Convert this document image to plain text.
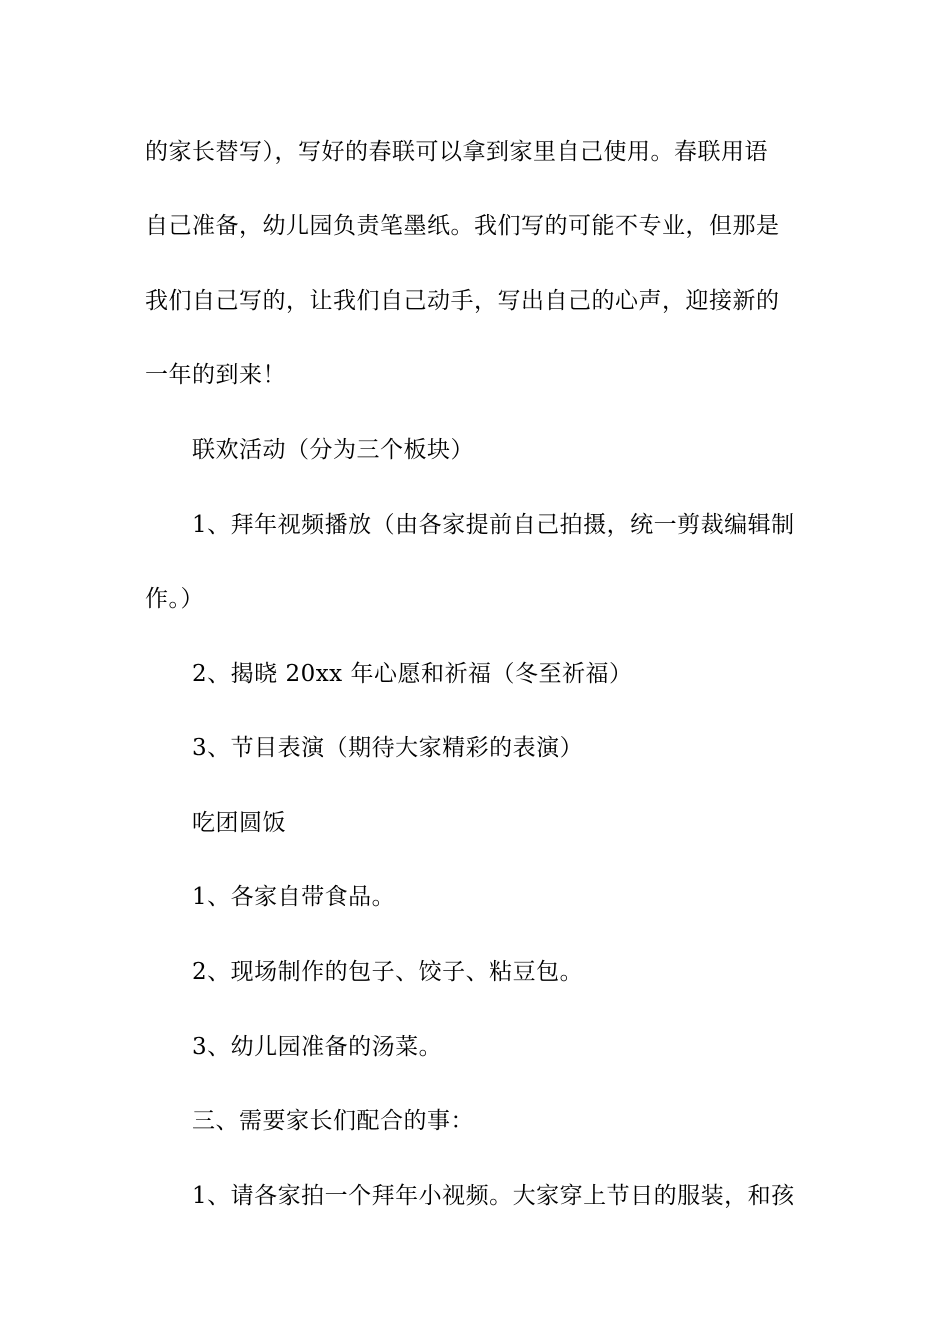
的家长替写），写好的春联可以拿到家里自己使用。春联用语
自己准备，幼儿园负责笔墨纸。我们写的可能不专业，但那是
我们自己写的，让我们自己动手，写出自己的心声，迎接新的
一年的到来！
联欢活动（分为三个板块）
1、拜年视频播放（由各家提前自己拍摄，统一剪裁编辑制
作。）
2、揭晓 20xx 年心愿和祈福（冬至祈福）
3、节目表演（期待大家精彩的表演）
吃团圆饭
1、各家自带食品。
2、现场制作的包子、饺子、粘豆包。
3、幼儿园准备的汤菜。
三、需要家长们配合的事：
1、请各家拍一个拜年小视频。大家穿上节日的服装，和孩
